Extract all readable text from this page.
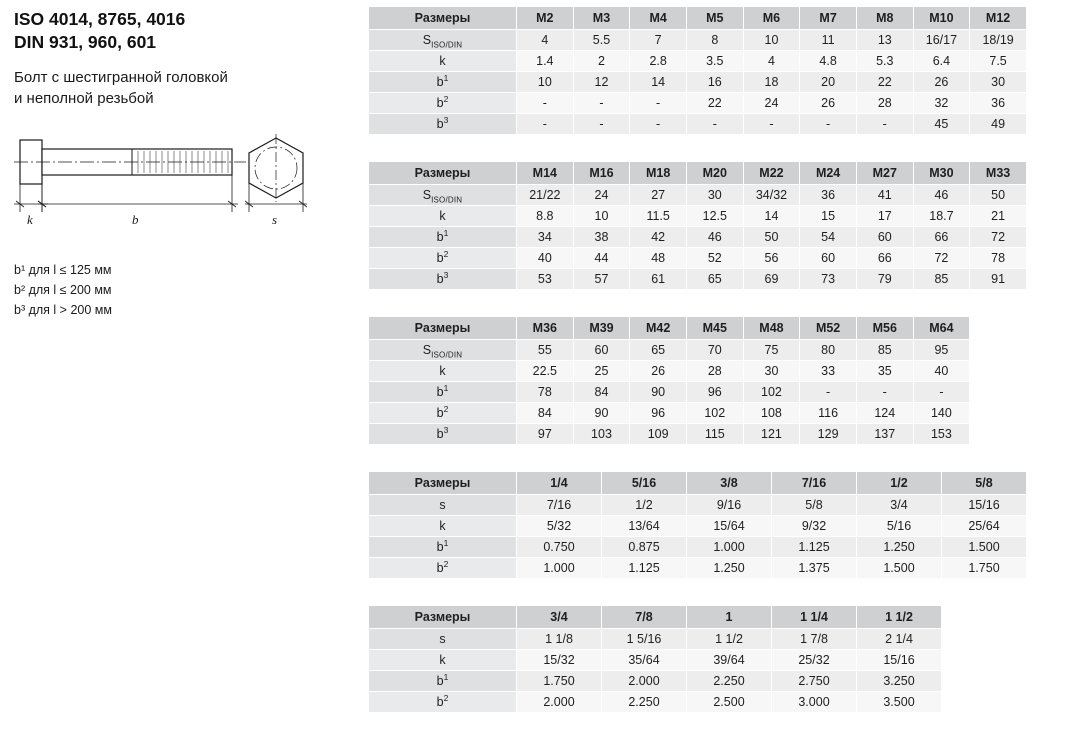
ISO 4014, 8765, 4016
DIN 931, 960, 601
Болт с шестигранной головкой
и неполной резьбой
k	b	s
b¹ для l ≤ 125 мм
b² для l ≤ 200 мм
b³ для l > 200 мм
Размеры	M2	M3	M4	M5	M6	M7	M8	M10	M12
$S_{ISO/DIN}$	4	5.5	7	8	10	11	13	16/17	18/19
k	1.4	2	2.8	3.5	4	4.8	5.3	6.4	7.5
$b^1$	10	12	14	16	18	20	22	26	30
$b^2$	-	-	-	22	24	26	28	32	36
$b^3$	-	-	-	-	-	-	-	45	49
Размеры	M14	M16	M18	M20	M22	M24	M27	M30	M33
$S_{ISO/DIN}$	21/22	24	27	30	34/32	36	41	46	50
k	8.8	10	11.5	12.5	14	15	17	18.7	21
$b^1$	34	38	42	46	50	54	60	66	72
$b^2$	40	44	48	52	56	60	66	72	78
$b^3$	53	57	61	65	69	73	79	85	91
Размеры	M36	M39	M42	M45	M48	M52	M56	M64	
$S_{ISO/DIN}$	55	60	65	70	75	80	85	95	
k	22.5	25	26	28	30	33	35	40	
$b^1$	78	84	90	96	102	-	-	-	
$b^2$	84	90	96	102	108	116	124	140	
$b^3$	97	103	109	115	121	129	137	153	
Размеры	1/4	5/16	3/8	7/16	1/2	5/8
s	7/16	1/2	9/16	5/8	3/4	15/16
k	5/32	13/64	15/64	9/32	5/16	25/64
$b^1$	0.750	0.875	1.000	1.125	1.250	1.500
$b^2$	1.000	1.125	1.250	1.375	1.500	1.750
Размеры	3/4	7/8	1	1 1/4	1 1/2	
s	1 1/8	1 5/16	1 1/2	1 7/8	2 1/4	
k	15/32	35/64	39/64	25/32	15/16	
$b^1$	1.750	2.000	2.250	2.750	3.250	
$b^2$	2.000	2.250	2.500	3.000	3.500	
